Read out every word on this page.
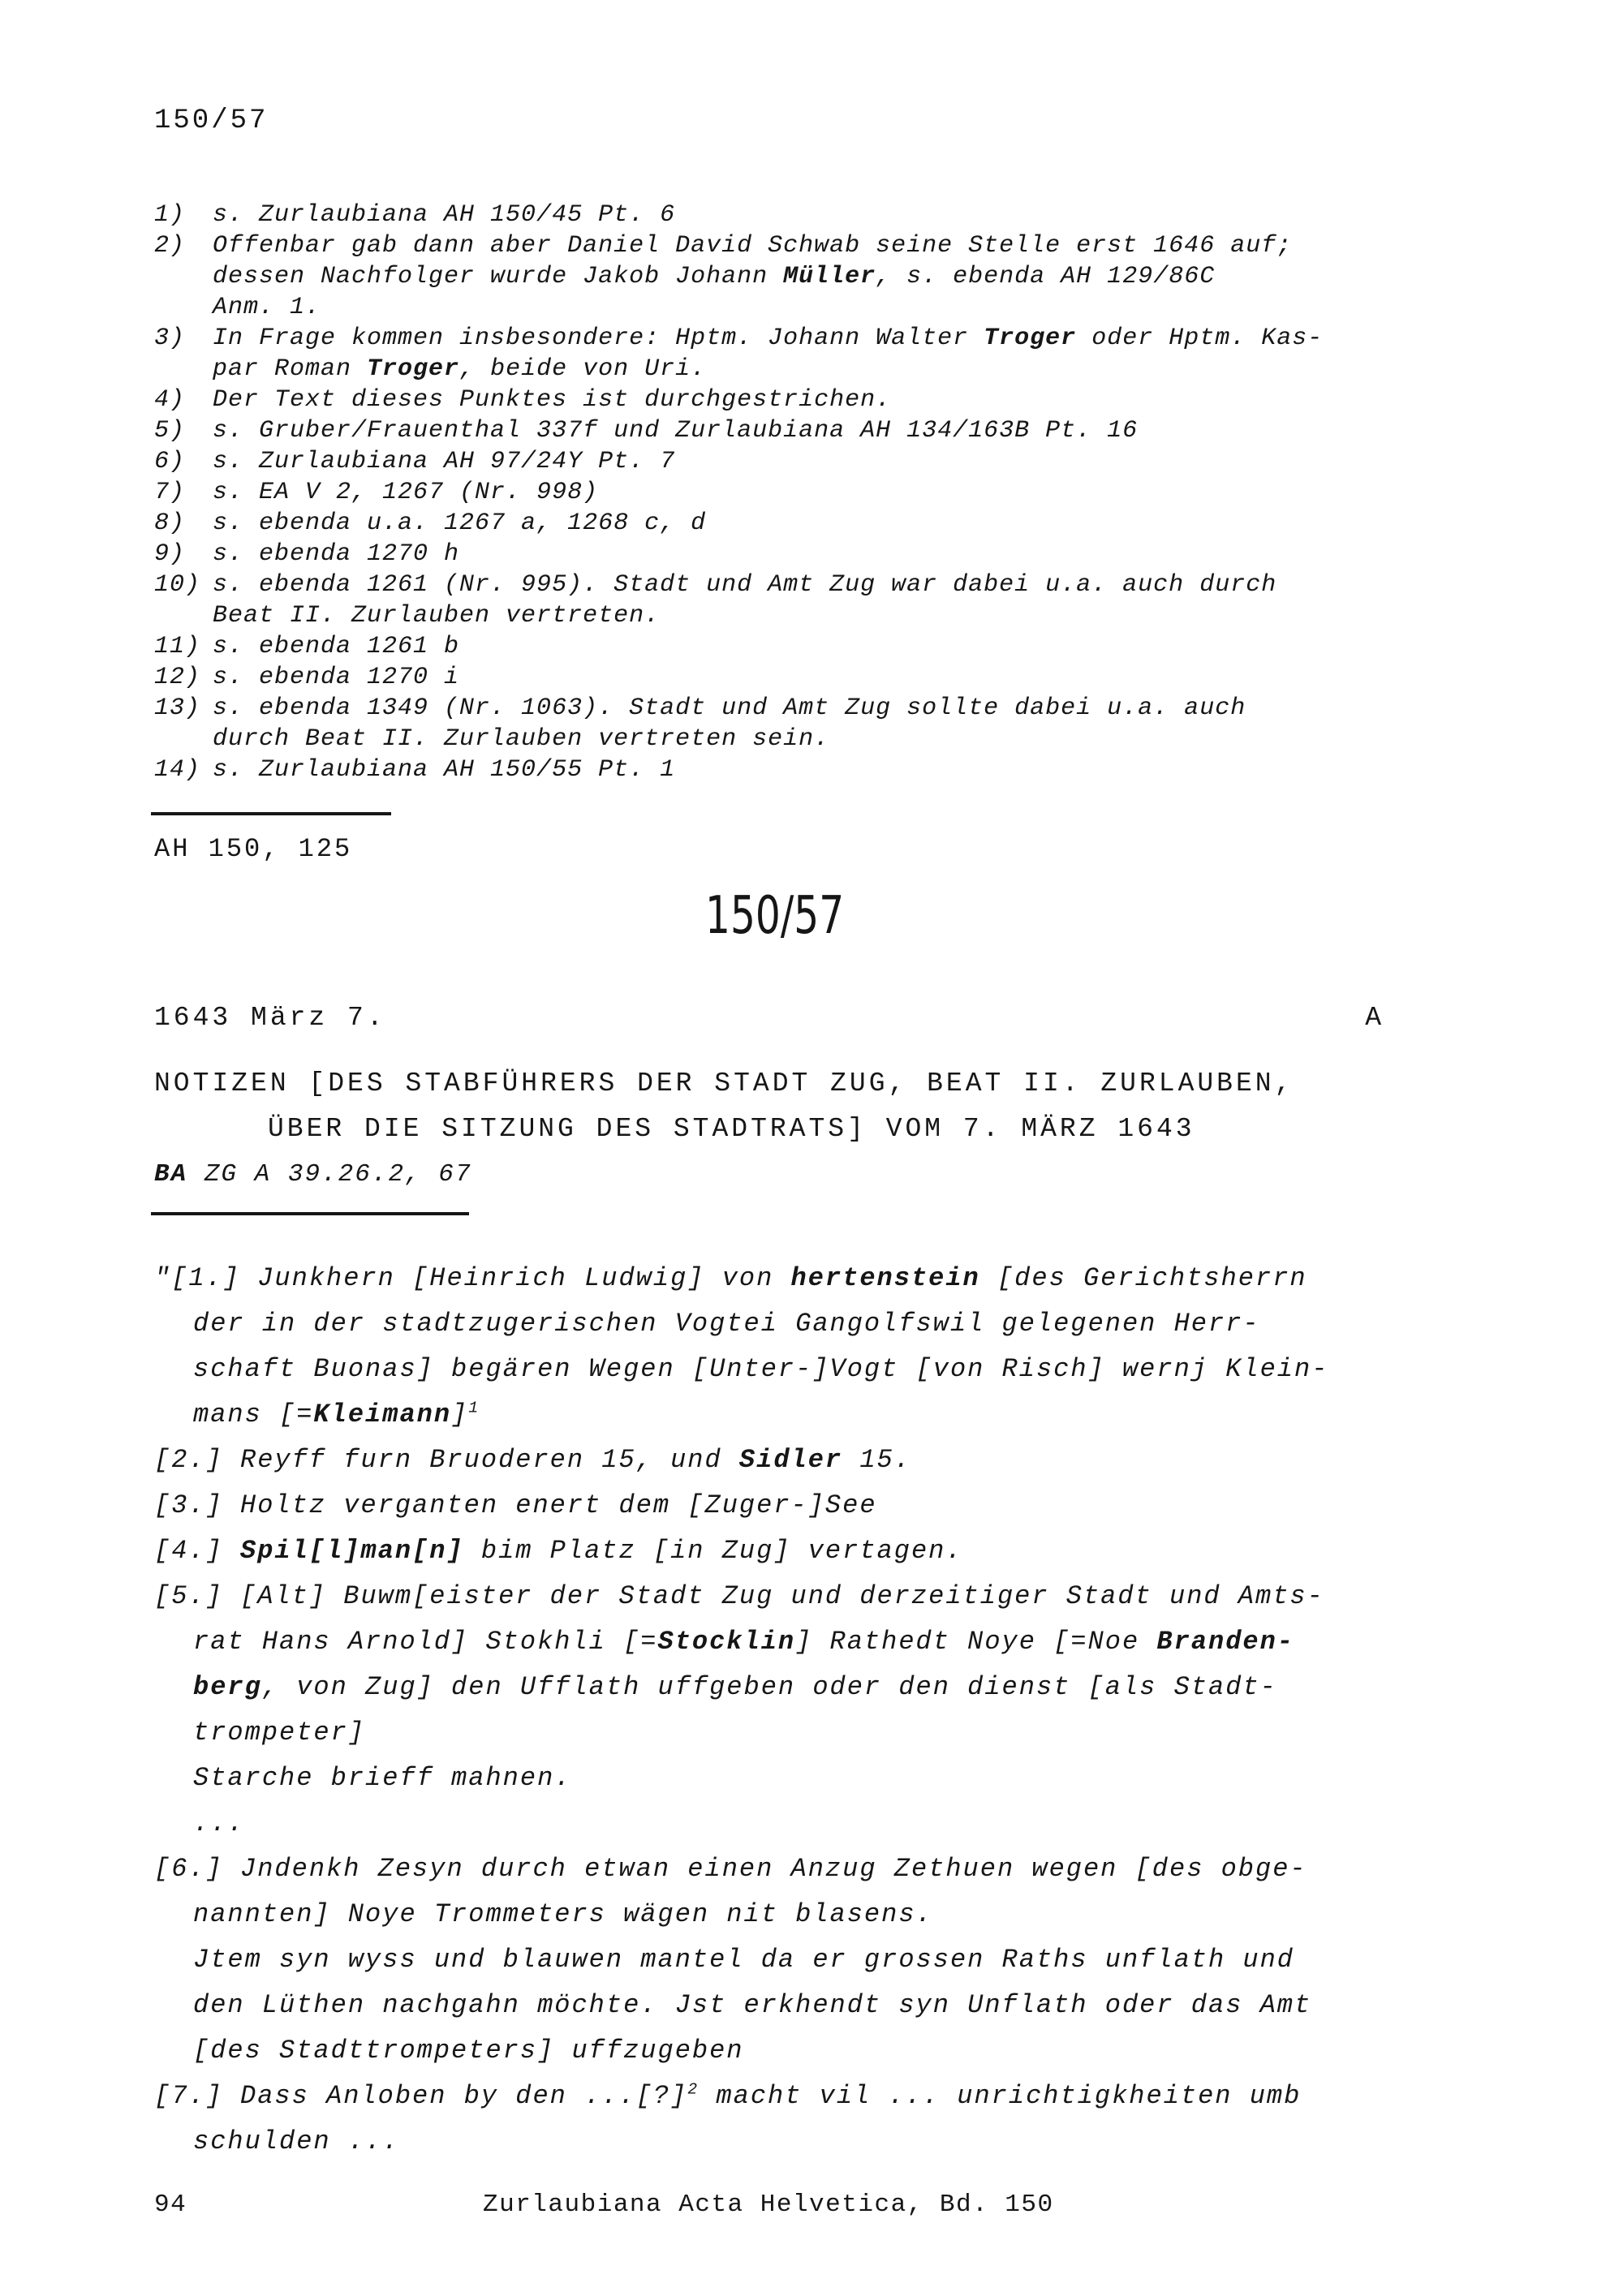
150/57
1)	s. Zurlaubiana AH 150/45 Pt. 6
2)	Offenbar gab dann aber Daniel David Schwab seine Stelle erst 1646 auf;
dessen Nachfolger wurde Jakob Johann Müller, s. ebenda AH 129/86C
Anm. 1.
3)	In Frage kommen insbesondere: Hptm. Johann Walter Troger oder Hptm. Kas-
par Roman Troger, beide von Uri.
4)	Der Text dieses Punktes ist durchgestrichen.
5)	s. Gruber/Frauenthal 337f und Zurlaubiana AH 134/163B Pt. 16
6)	s. Zurlaubiana AH 97/24Y Pt. 7
7)	s. EA V 2, 1267 (Nr. 998)
8)	s. ebenda u.a. 1267 a, 1268 c, d
9)	s. ebenda 1270 h
10) s. ebenda 1261 (Nr. 995). Stadt und Amt Zug war dabei u.a. auch durch
Beat II. Zurlauben vertreten.
11) s. ebenda 1261 b
12) s. ebenda 1270 i
13) s. ebenda 1349 (Nr. 1063). Stadt und Amt Zug sollte dabei u.a. auch
durch Beat II. Zurlauben vertreten sein.
14) s. Zurlaubiana AH 150/55 Pt. 1
AH 150, 125
150/57
1643 März 7.	A
NOTIZEN [DES STABFÜHRERS DER STADT ZUG, BEAT II. ZURLAUBEN,
ÜBER DIE SITZUNG DES STADTRATS] VOM 7. MÄRZ 1643
BA ZG A 39.26.2, 67
"[1.] Junkhern [Heinrich Ludwig] von hertenstein [des Gerichtsherrn
der in der stadtzugerischen Vogtei Gangolfswil gelegenen Herr-
schaft Buonas] begären Wegen [Unter-]Vogt [von Risch] wernj Klein-
mans [=Kleimann]$^1$
[2.] Reyff furn Bruoderen 15, und Sidler 15.
[3.] Holtz verganten enert dem [Zuger-]See
[4.] Spil[l]man[n] bim Platz [in Zug] vertagen.
[5.] [Alt] Buwm[eister der Stadt Zug und derzeitiger Stadt und Amts-
rat Hans Arnold] Stokhli [=Stocklin] Rathedt Noye [=Noe Branden-
berg, von Zug] den Ufflath uffgeben oder den dienst [als Stadt-
trompeter]
Starche brieff mahnen.
...
[6.] Jndenkh Zesyn durch etwan einen Anzug Zethuen wegen [des obge-
nannten] Noye Trommeters wägen nit blasens.
Jtem syn wyss und blauwen mantel da er grossen Raths unflath und
den Lüthen nachgahn möchte. Jst erkhendt syn Unflath oder das Amt
[des Stadttrompeters] uffzugeben
[7.] Dass Anloben by den ...[?]$^2$ macht vil ... unrichtigkheiten umb
schulden ...
94	Zurlaubiana Acta Helvetica, Bd. 150
